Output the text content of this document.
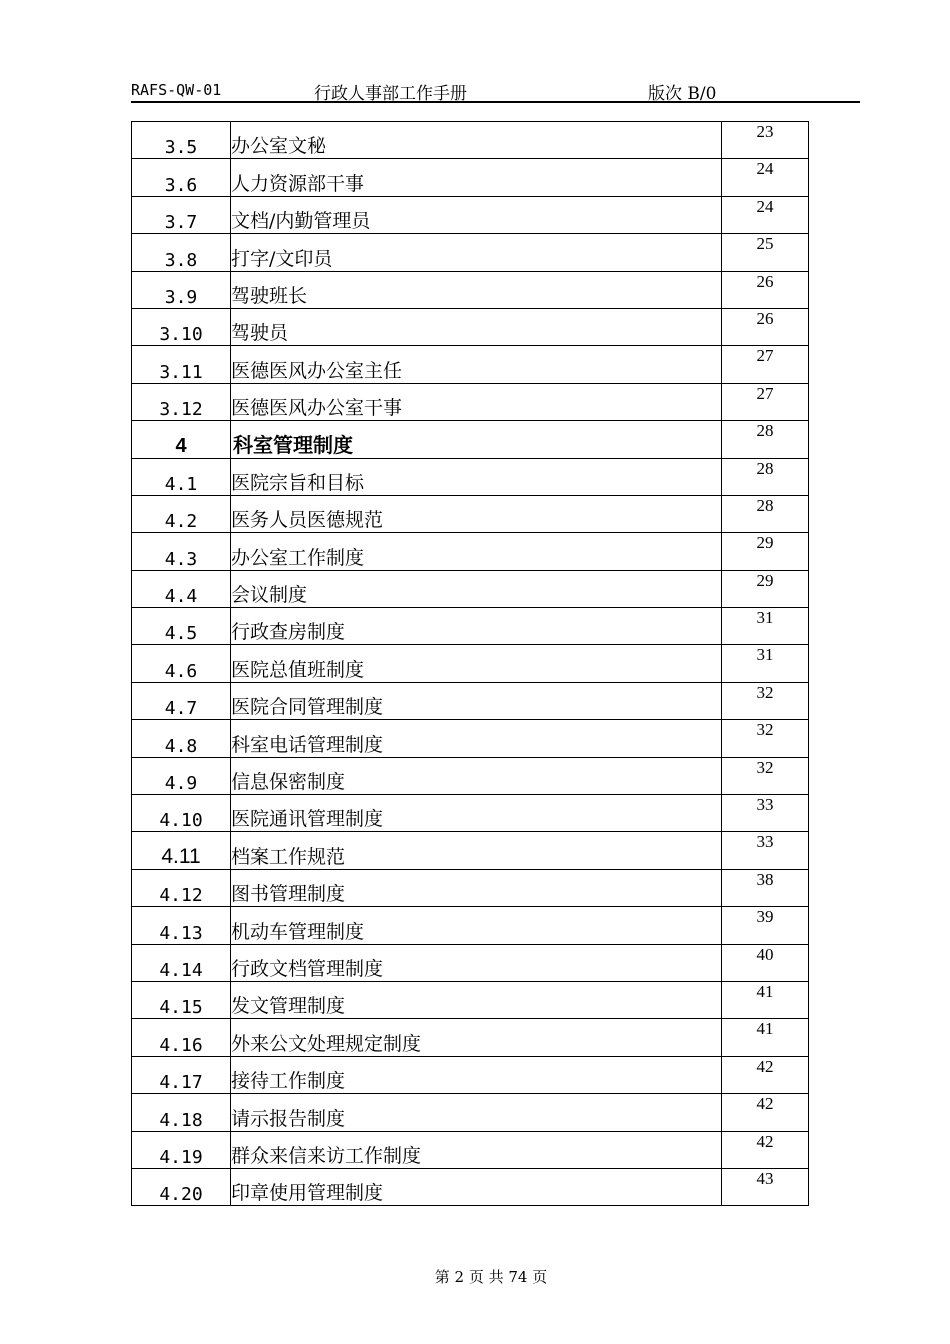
RAFS-QW-01	行政人事部工作手册	版次 B/0
3.5	办公室文秘	23
3.6	人力资源部干事	24
3.7	文档/内勤管理员	24
3.8	打字/文印员	25
3.9	驾驶班长	26
3.10	驾驶员	26
3.11	医德医风办公室主任	27
3.12	医德医风办公室干事	27
4	科室管理制度	28
4.1	医院宗旨和目标	28
4.2	医务人员医德规范	28
4.3	办公室工作制度	29
4.4	会议制度	29
4.5	行政查房制度	31
4.6	医院总值班制度	31
4.7	医院合同管理制度	32
4.8	科室电话管理制度	32
4.9	信息保密制度	32
4.10	医院通讯管理制度	33
4.11	档案工作规范	33
4.12	图书管理制度	38
4.13	机动车管理制度	39
4.14	行政文档管理制度	40
4.15	发文管理制度	41
4.16	外来公文处理规定制度	41
4.17	接待工作制度	42
4.18	请示报告制度	42
4.19	群众来信来访工作制度	42
4.20	印章使用管理制度	43
第 2 页 共 74 页
